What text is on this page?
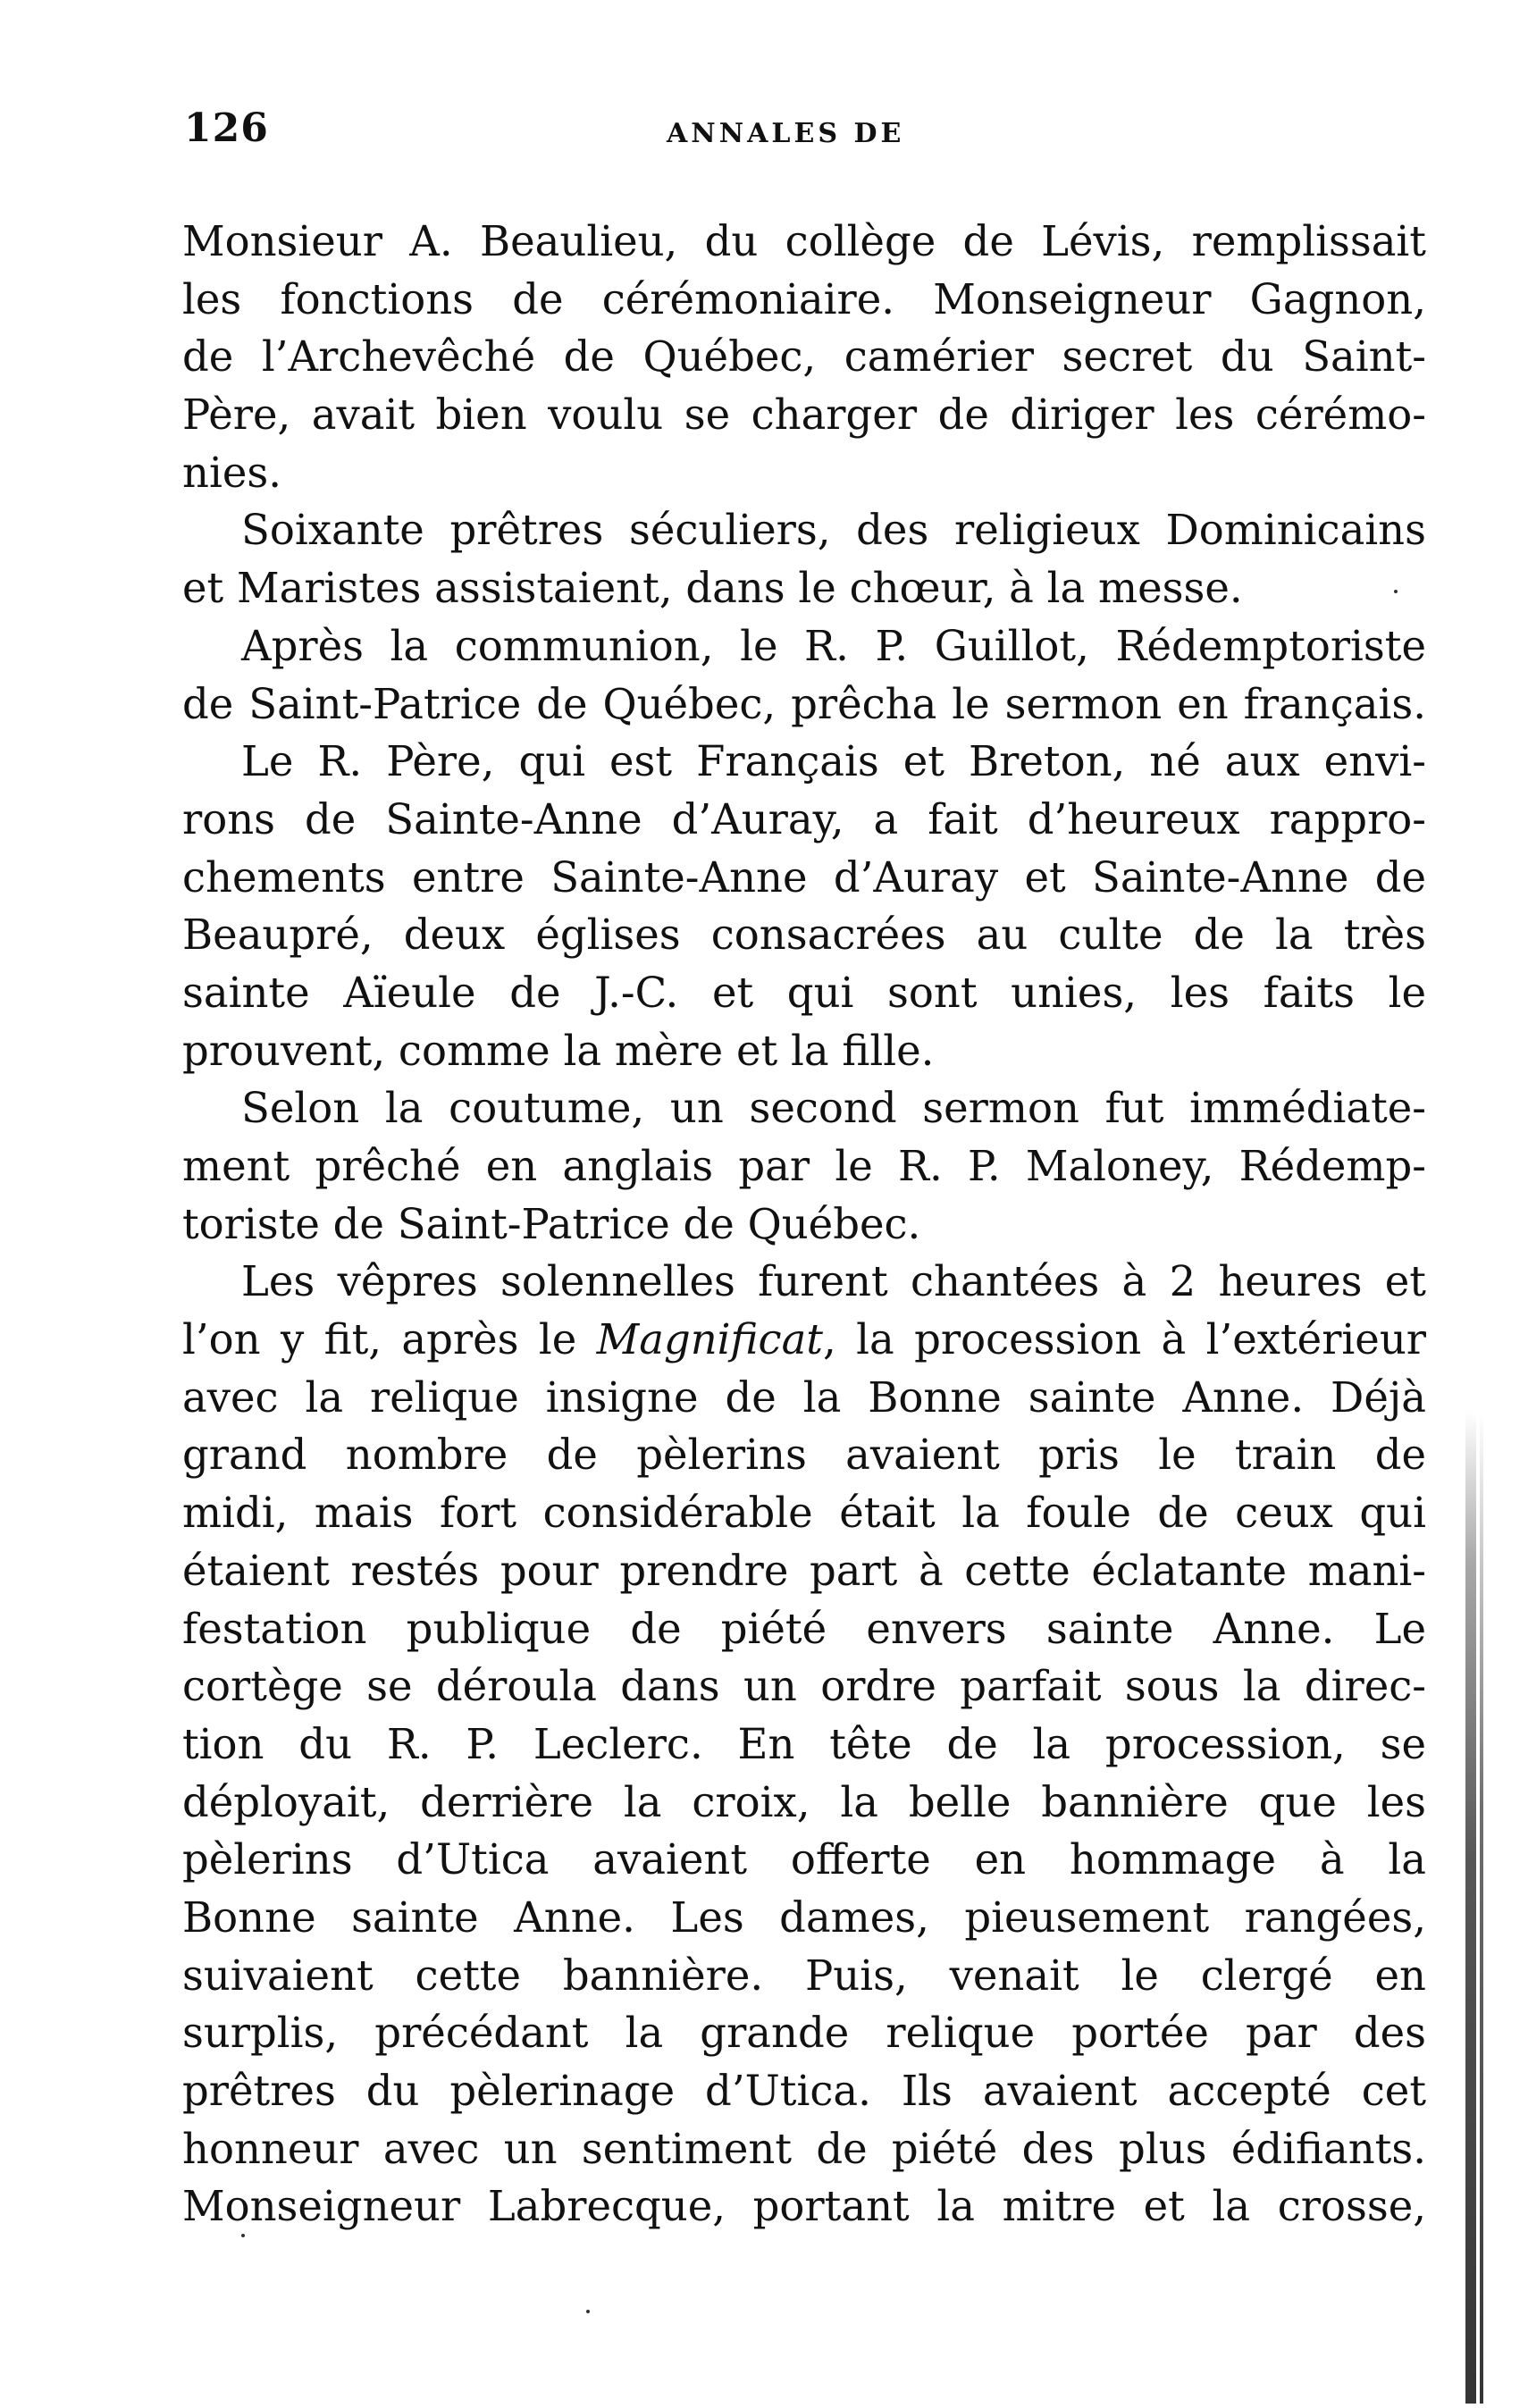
126	ANNALES DE
Monsieur A. Beaulieu, du collège de Lévis, remplissait
les fonctions de cérémoniaire. Monseigneur Gagnon,
de l’Archevêché de Québec, camérier secret du Saint-
Père, avait bien voulu se charger de diriger les cérémo-
nies.
Soixante prêtres séculiers, des religieux Dominicains
et Maristes assistaient, dans le chœur, à la messe.
Après la communion, le R. P. Guillot, Rédemptoriste
de Saint-Patrice de Québec, prêcha le sermon en français.
Le R. Père, qui est Français et Breton, né aux envi-
rons de Sainte-Anne d’Auray, a fait d’heureux rappro-
chements entre Sainte-Anne d’Auray et Sainte-Anne de
Beaupré, deux églises consacrées au culte de la très
sainte Aïeule de J.-C. et qui sont unies, les faits le
prouvent, comme la mère et la fille.
Selon la coutume, un second sermon fut immédiate-
ment prêché en anglais par le R. P. Maloney, Rédemp-
toriste de Saint-Patrice de Québec.
Les vêpres solennelles furent chantées à 2 heures et
l’on y fit, après le Magnificat, la procession à l’extérieur
avec la relique insigne de la Bonne sainte Anne. Déjà
grand nombre de pèlerins avaient pris le train de
midi, mais fort considérable était la foule de ceux qui
étaient restés pour prendre part à cette éclatante mani-
festation publique de piété envers sainte Anne. Le
cortège se déroula dans un ordre parfait sous la direc-
tion du R. P. Leclerc. En tête de la procession, se
déployait, derrière la croix, la belle bannière que les
pèlerins d’Utica avaient offerte en hommage à la
Bonne sainte Anne. Les dames, pieusement rangées,
suivaient cette bannière. Puis, venait le clergé en
surplis, précédant la grande relique portée par des
prêtres du pèlerinage d’Utica. Ils avaient accepté cet
honneur avec un sentiment de piété des plus édifiants.
Monseigneur Labrecque, portant la mitre et la crosse,
